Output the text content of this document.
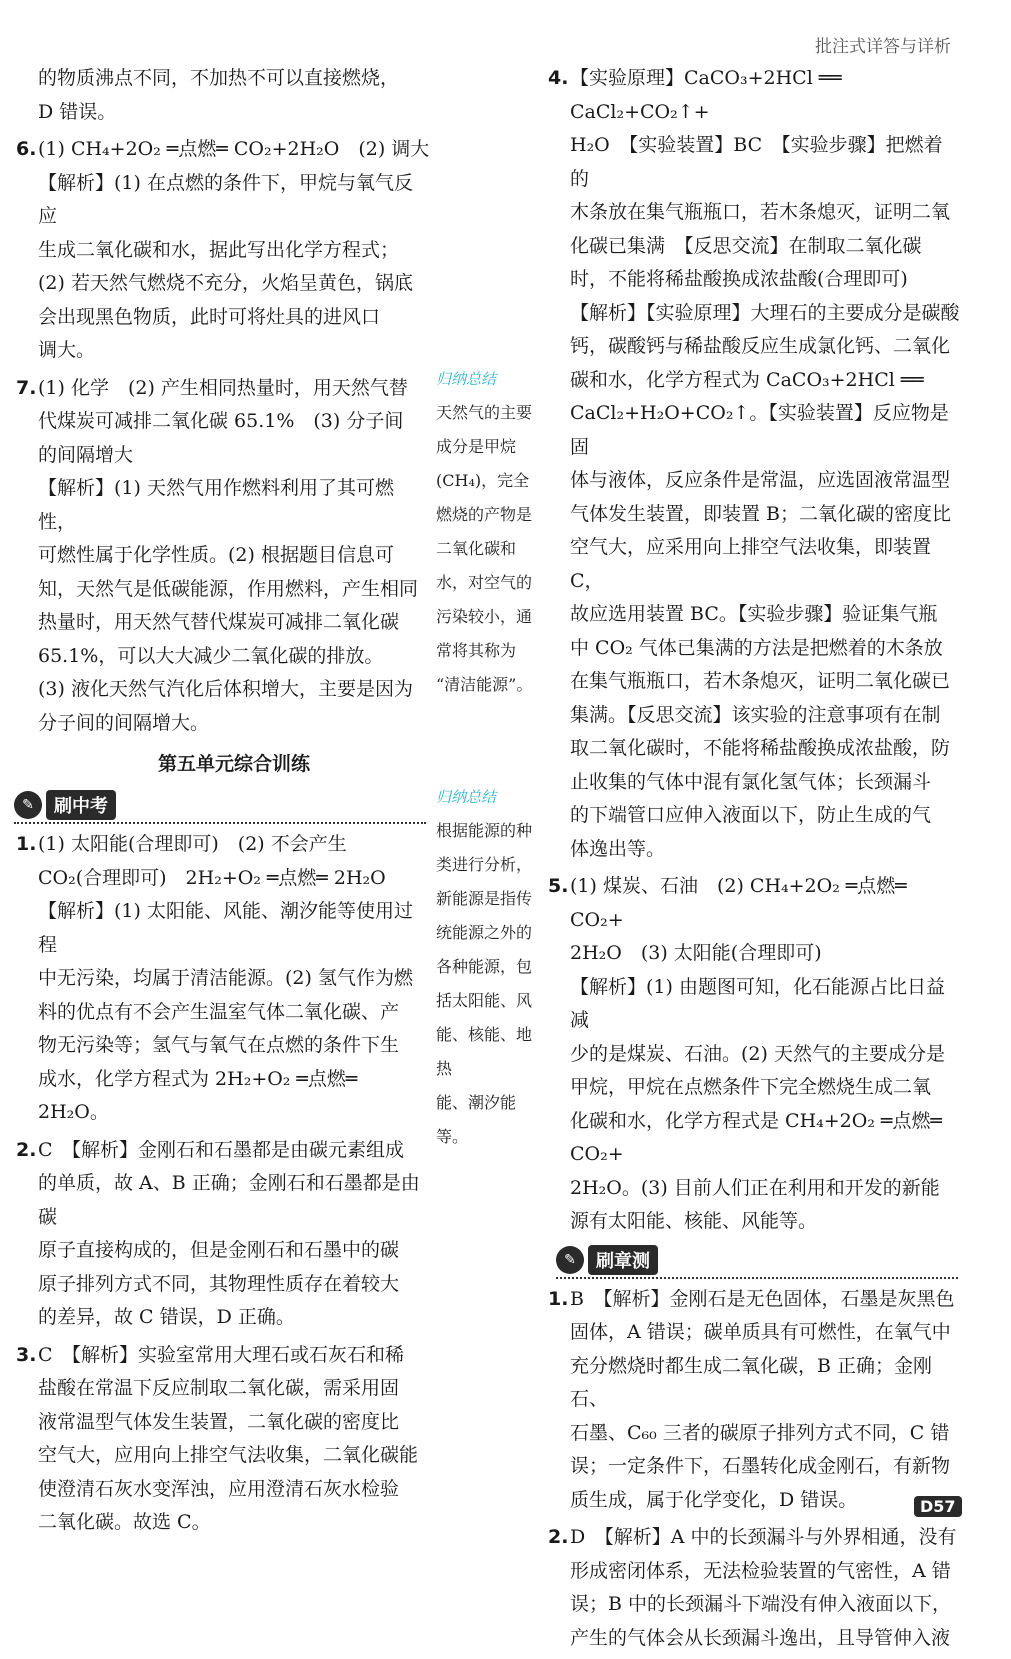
批注式详答与详析

的物质沸点不同，不加热不可以直接燃烧，

D 错误。

6.(1) CH₄+2O₂ ═点燃═ CO₂+2H₂O　(2) 调大

【解析】(1) 在点燃的条件下，甲烷与氧气反应

生成二氧化碳和水，据此写出化学方程式；

(2) 若天然气燃烧不充分，火焰呈黄色，锅底

会出现黑色物质，此时可将灶具的进风口

调大。

7.(1) 化学　(2) 产生相同热量时，用天然气替

代煤炭可减排二氧化碳 65.1%　(3) 分子间

的间隔增大

【解析】(1) 天然气用作燃料利用了其可燃性，

可燃性属于化学性质。(2) 根据题目信息可

知，天然气是低碳能源，作用燃料，产生相同

热量时，用天然气替代煤炭可减排二氧化碳

65.1%，可以大大减少二氧化碳的排放。

(3) 液化天然气汽化后体积增大，主要是因为

分子间的间隔增大。

第五单元综合训练
✎	刷中考

1.(1) 太阳能(合理即可)　(2) 不会产生

CO₂(合理即可)　2H₂+O₂ ═点燃═ 2H₂O

【解析】(1) 太阳能、风能、潮汐能等使用过程

中无污染，均属于清洁能源。(2) 氢气作为燃

料的优点有不会产生温室气体二氧化碳、产

物无污染等；氢气与氧气在点燃的条件下生

成水，化学方程式为 2H₂+O₂ ═点燃═ 2H₂O。

2.C　【解析】金刚石和石墨都是由碳元素组成

的单质，故 A、B 正确；金刚石和石墨都是由碳

原子直接构成的，但是金刚石和石墨中的碳

原子排列方式不同，其物理性质存在着较大

的差异，故 C 错误，D 正确。

3.C　【解析】实验室常用大理石或石灰石和稀

盐酸在常温下反应制取二氧化碳，需采用固

液常温型气体发生装置，二氧化碳的密度比

空气大，应用向上排空气法收集，二氧化碳能

使澄清石灰水变浑浊，应用澄清石灰水检验

二氧化碳。故选 C。

归纳总结
天然气的主要
成分是甲烷
(CH₄)，完全
燃烧的产物是
二氧化碳和
水，对空气的
污染较小，通
常将其称为
“清洁能源”。
归纳总结
根据能源的种
类进行分析，
新能源是指传
统能源之外的
各种能源，包
括太阳能、风
能、核能、地热
能、潮汐能等。

4.【实验原理】CaCO₃+2HCl ══ CaCl₂+CO₂↑+

H₂O　【实验装置】BC　【实验步骤】把燃着的

木条放在集气瓶瓶口，若木条熄灭，证明二氧

化碳已集满　【反思交流】在制取二氧化碳

时，不能将稀盐酸换成浓盐酸(合理即可)

【解析】【实验原理】大理石的主要成分是碳酸

钙，碳酸钙与稀盐酸反应生成氯化钙、二氧化

碳和水，化学方程式为 CaCO₃+2HCl ══

CaCl₂+H₂O+CO₂↑。【实验装置】反应物是固

体与液体，反应条件是常温，应选固液常温型

气体发生装置，即装置 B；二氧化碳的密度比

空气大，应采用向上排空气法收集，即装置 C，

故应选用装置 BC。【实验步骤】验证集气瓶

中 CO₂ 气体已集满的方法是把燃着的木条放

在集气瓶瓶口，若木条熄灭，证明二氧化碳已

集满。【反思交流】该实验的注意事项有在制

取二氧化碳时，不能将稀盐酸换成浓盐酸，防

止收集的气体中混有氯化氢气体；长颈漏斗

的下端管口应伸入液面以下，防止生成的气

体逸出等。

5.(1) 煤炭、石油　(2) CH₄+2O₂ ═点燃═ CO₂+

2H₂O　(3) 太阳能(合理即可)

【解析】(1) 由题图可知，化石能源占比日益减

少的是煤炭、石油。(2) 天然气的主要成分是

甲烷，甲烷在点燃条件下完全燃烧生成二氧

化碳和水，化学方程式是 CH₄+2O₂ ═点燃═ CO₂+

2H₂O。(3) 目前人们正在利用和开发的新能

源有太阳能、核能、风能等。

✎	刷章测

1.B　【解析】金刚石是无色固体，石墨是灰黑色

固体，A 错误；碳单质具有可燃性，在氧气中

充分燃烧时都生成二氧化碳，B 正确；金刚石、

石墨、C₆₀ 三者的碳原子排列方式不同，C 错

误；一定条件下，石墨转化成金刚石，有新物

质生成，属于化学变化，D 错误。

2.D　【解析】A 中的长颈漏斗与外界相通，没有

形成密闭体系，无法检验装置的气密性，A 错

误；B 中的长颈漏斗下端没有伸入液面以下，

产生的气体会从长颈漏斗逸出，且导管伸入液

D57
